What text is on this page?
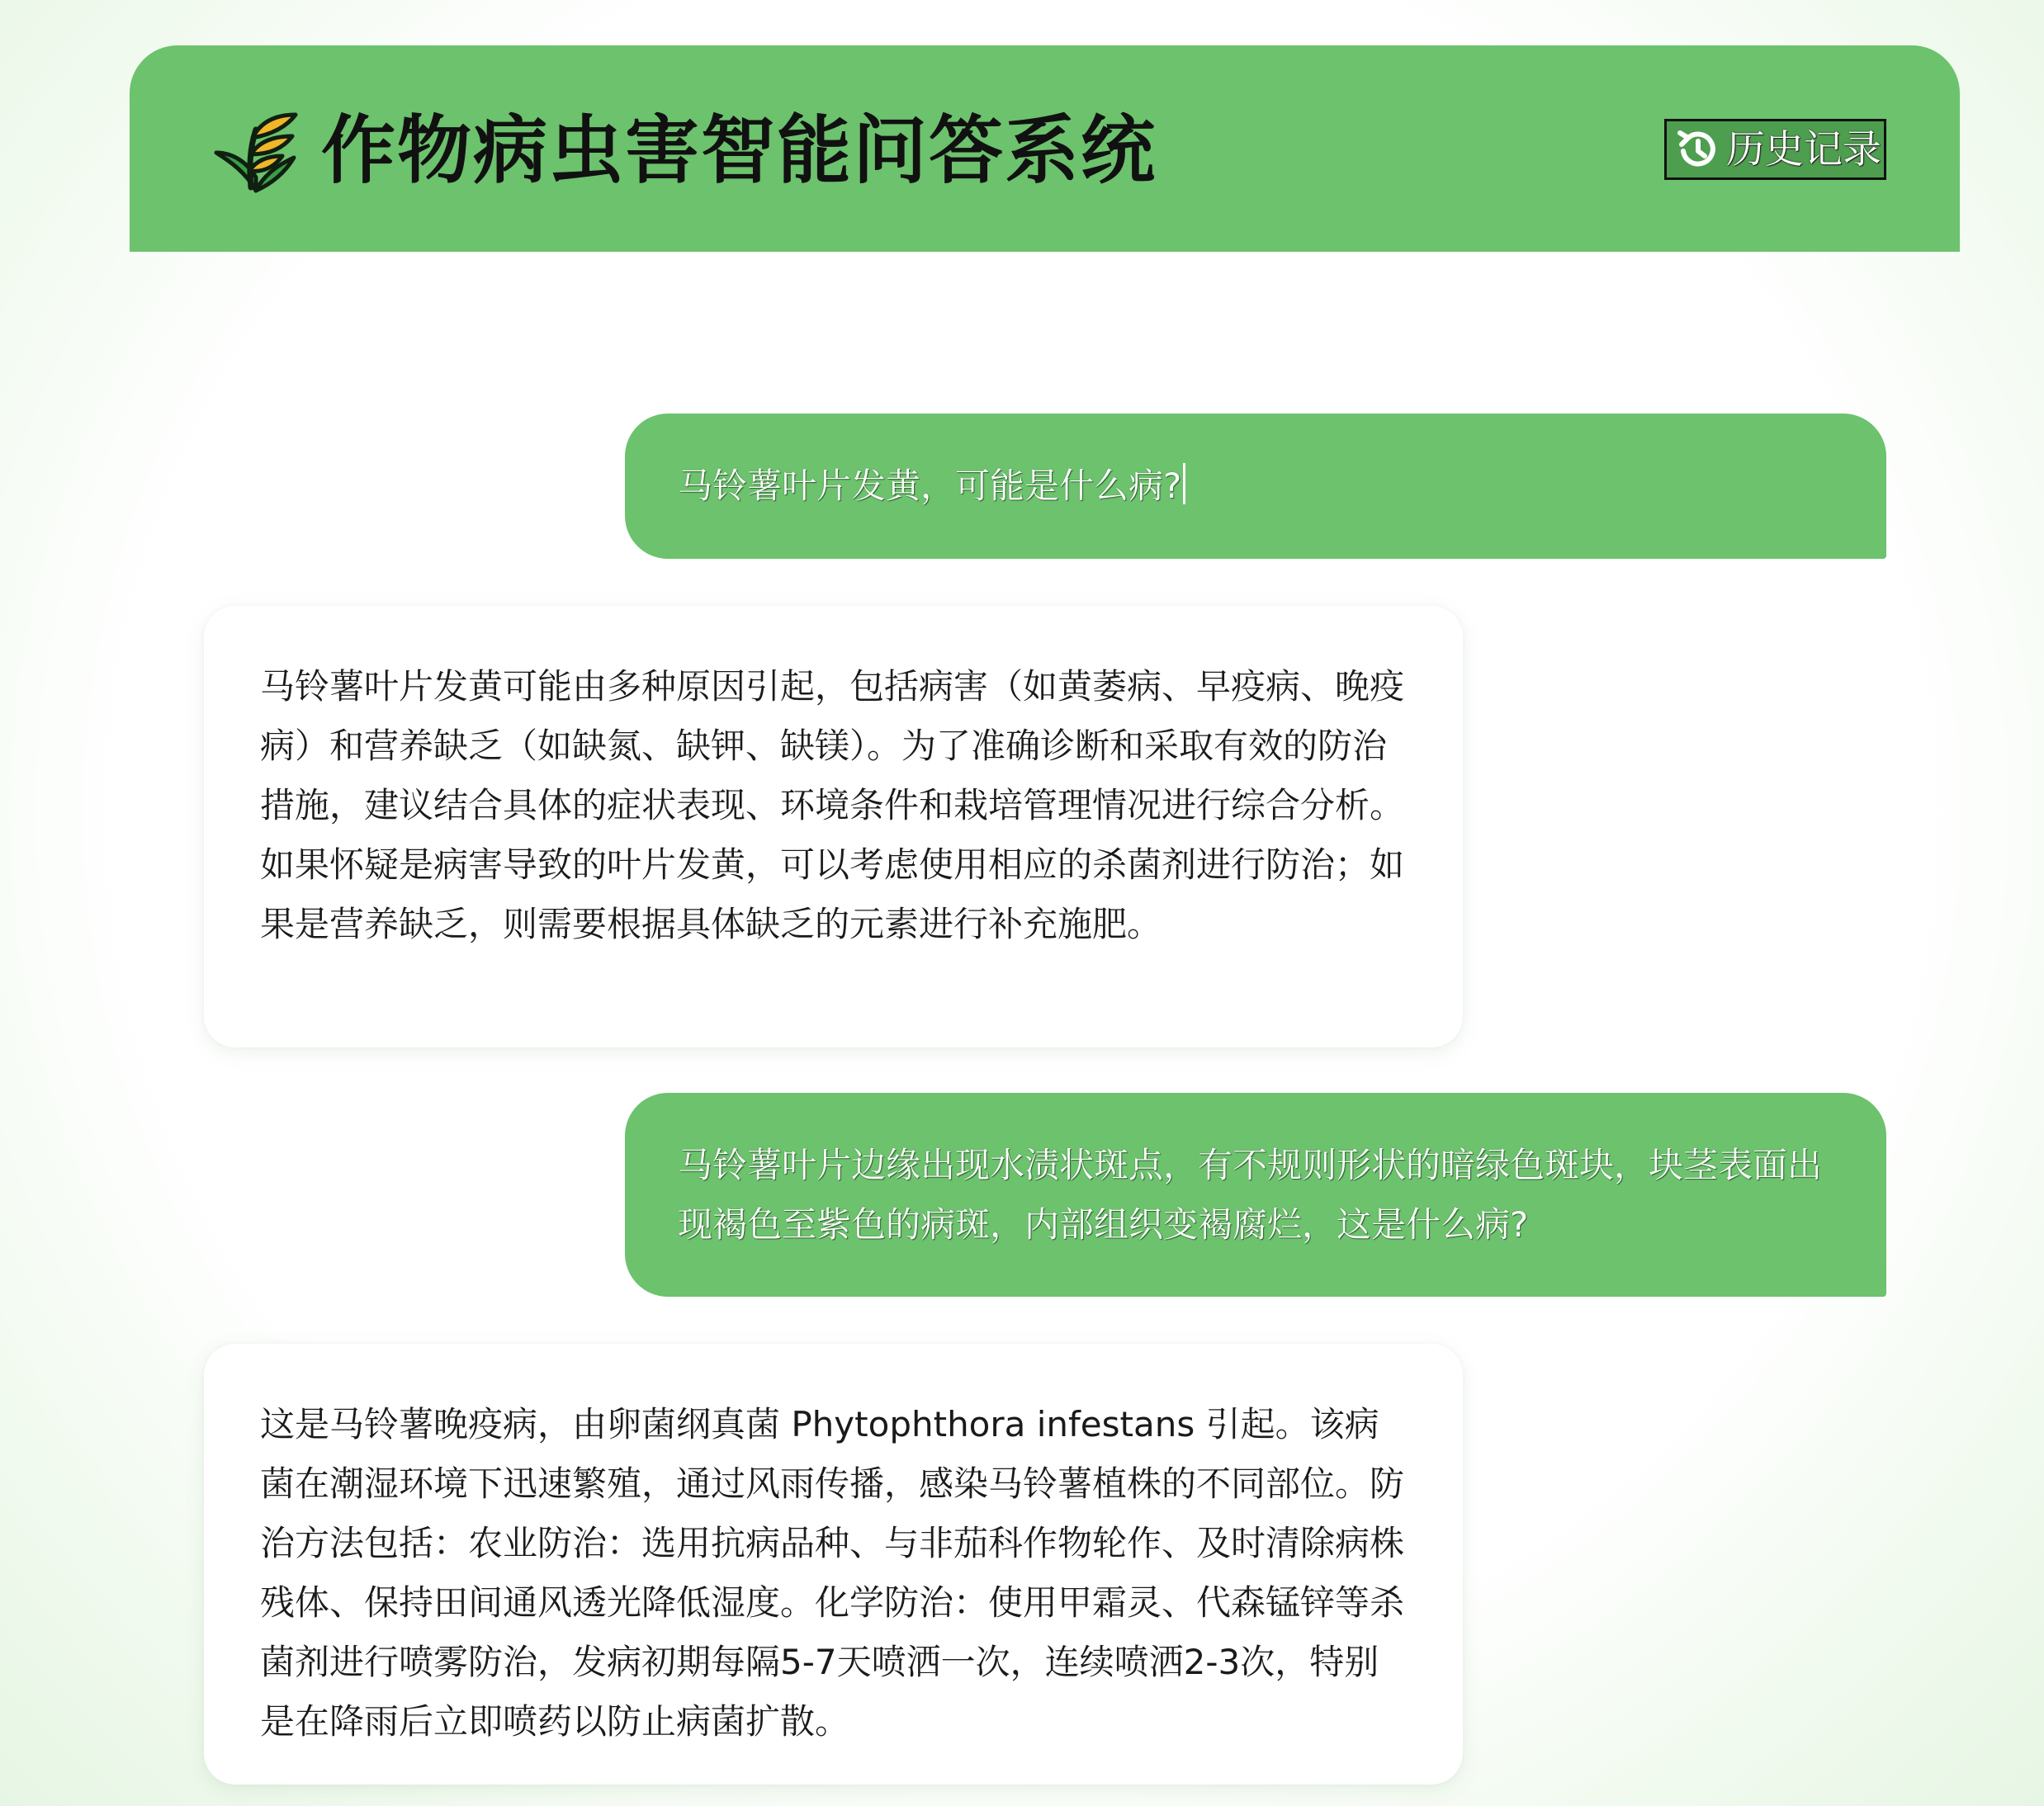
作物病虫害智能问答系统	历史记录
马铃薯叶片发黄，可能是什么病?
马铃薯叶片发黄可能由多种原因引起，包括病害（如黄萎病、早疫病、晚疫病）和营养缺乏（如缺氮、缺钾、缺镁）。为了准确诊断和采取有效的防治措施，建议结合具体的症状表现、环境条件和栽培管理情况进行综合分析。如果怀疑是病害导致的叶片发黄，可以考虑使用相应的杀菌剂进行防治；如果是营养缺乏，则需要根据具体缺乏的元素进行补充施肥。
马铃薯叶片边缘出现水渍状斑点，有不规则形状的暗绿色斑块，块茎表面出现褐色至紫色的病斑，内部组织变褐腐烂，这是什么病?
这是马铃薯晚疫病，由卵菌纲真菌 Phytophthora infestans 引起。该病菌在潮湿环境下迅速繁殖，通过风雨传播，感染马铃薯植株的不同部位。防治方法包括：农业防治：选用抗病品种、与非茄科作物轮作、及时清除病株残体、保持田间通风透光降低湿度。化学防治：使用甲霜灵、代森锰锌等杀菌剂进行喷雾防治，发病初期每隔5-7天喷洒一次，连续喷洒2-3次，特别是在降雨后立即喷药以防止病菌扩散。
